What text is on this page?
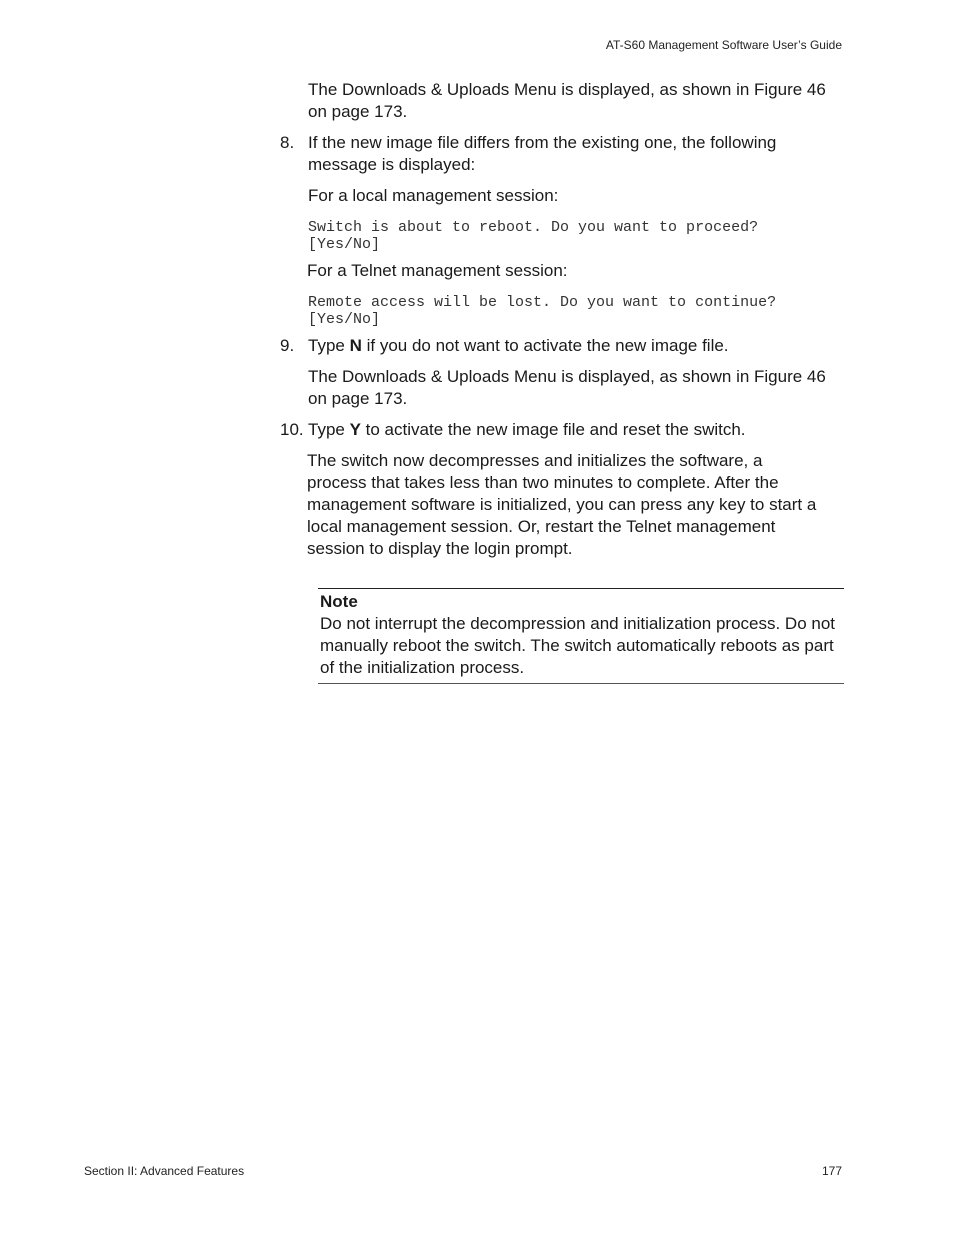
AT-S60 Management Software User’s Guide

The Downloads & Uploads Menu is displayed, as shown in Figure 46 on page 173.

8. If the new image file differs from the existing one, the following message is displayed:

For a local management session:

Switch is about to reboot. Do you want to proceed?
[Yes/No]

For a Telnet management session:

Remote access will be lost. Do you want to continue?
[Yes/No]
9. Type N if you do not want to activate the new image file.

The Downloads & Uploads Menu is displayed, as shown in Figure 46 on page 173.

10. Type Y to activate the new image file and reset the switch.

The switch now decompresses and initializes the software, a process that takes less than two minutes to complete. After the management software is initialized, you can press any key to start a local management session. Or, restart the Telnet management session to display the login prompt.

Note
Do not interrupt the decompression and initialization process. Do not manually reboot the switch. The switch automatically reboots as part of the initialization process.
Section II: Advanced Features	177
